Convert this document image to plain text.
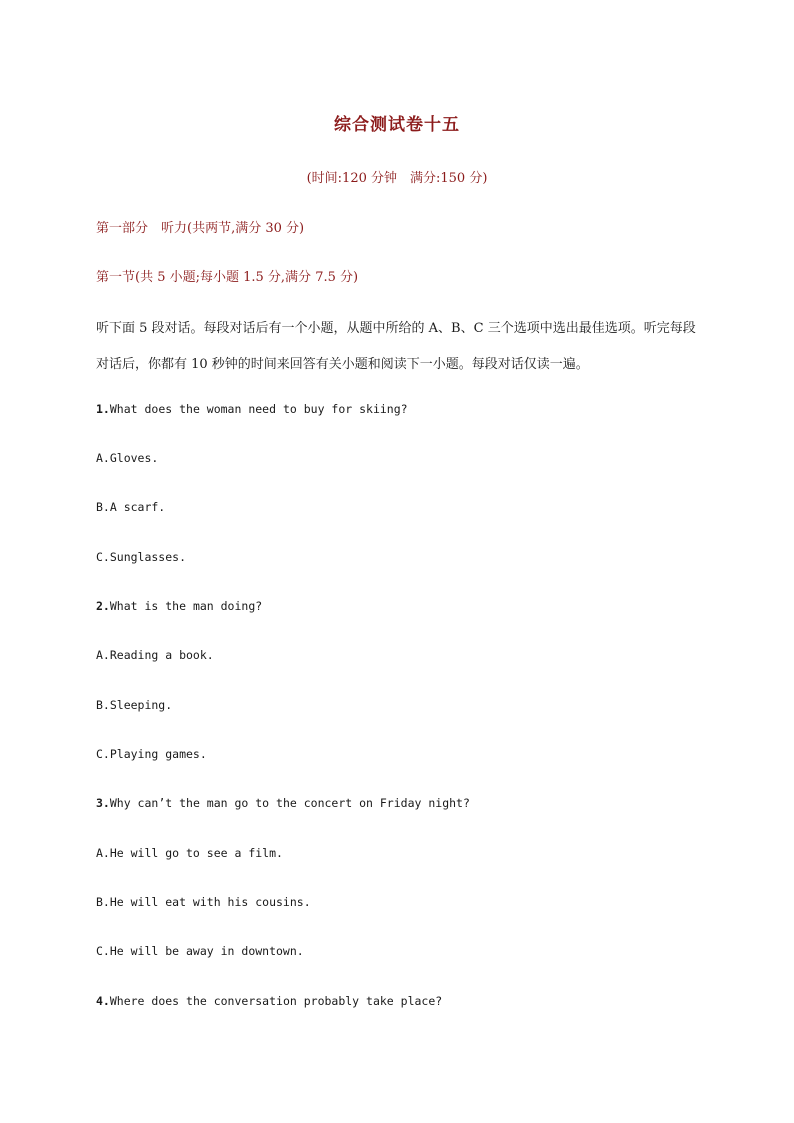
综合测试卷十五
(时间:120 分钟　满分:150 分)
第一部分　听力(共两节,满分 30 分)
第一节(共 5 小题;每小题 1.5 分,满分 7.5 分)
听下面 5 段对话。每段对话后有一个小题，从题中所给的 A、B、C 三个选项中选出最佳选项。听完每段对话后，你都有 10 秒钟的时间来回答有关小题和阅读下一小题。每段对话仅读一遍。
1.What does the woman need to buy for skiing?
A.Gloves.
B.A scarf.
C.Sunglasses.
2.What is the man doing?
A.Reading a book.
B.Sleeping.
C.Playing games.
3.Why can’t the man go to the concert on Friday night?
A.He will go to see a film.
B.He will eat with his cousins.
C.He will be away in downtown.
4.Where does the conversation probably take place?
